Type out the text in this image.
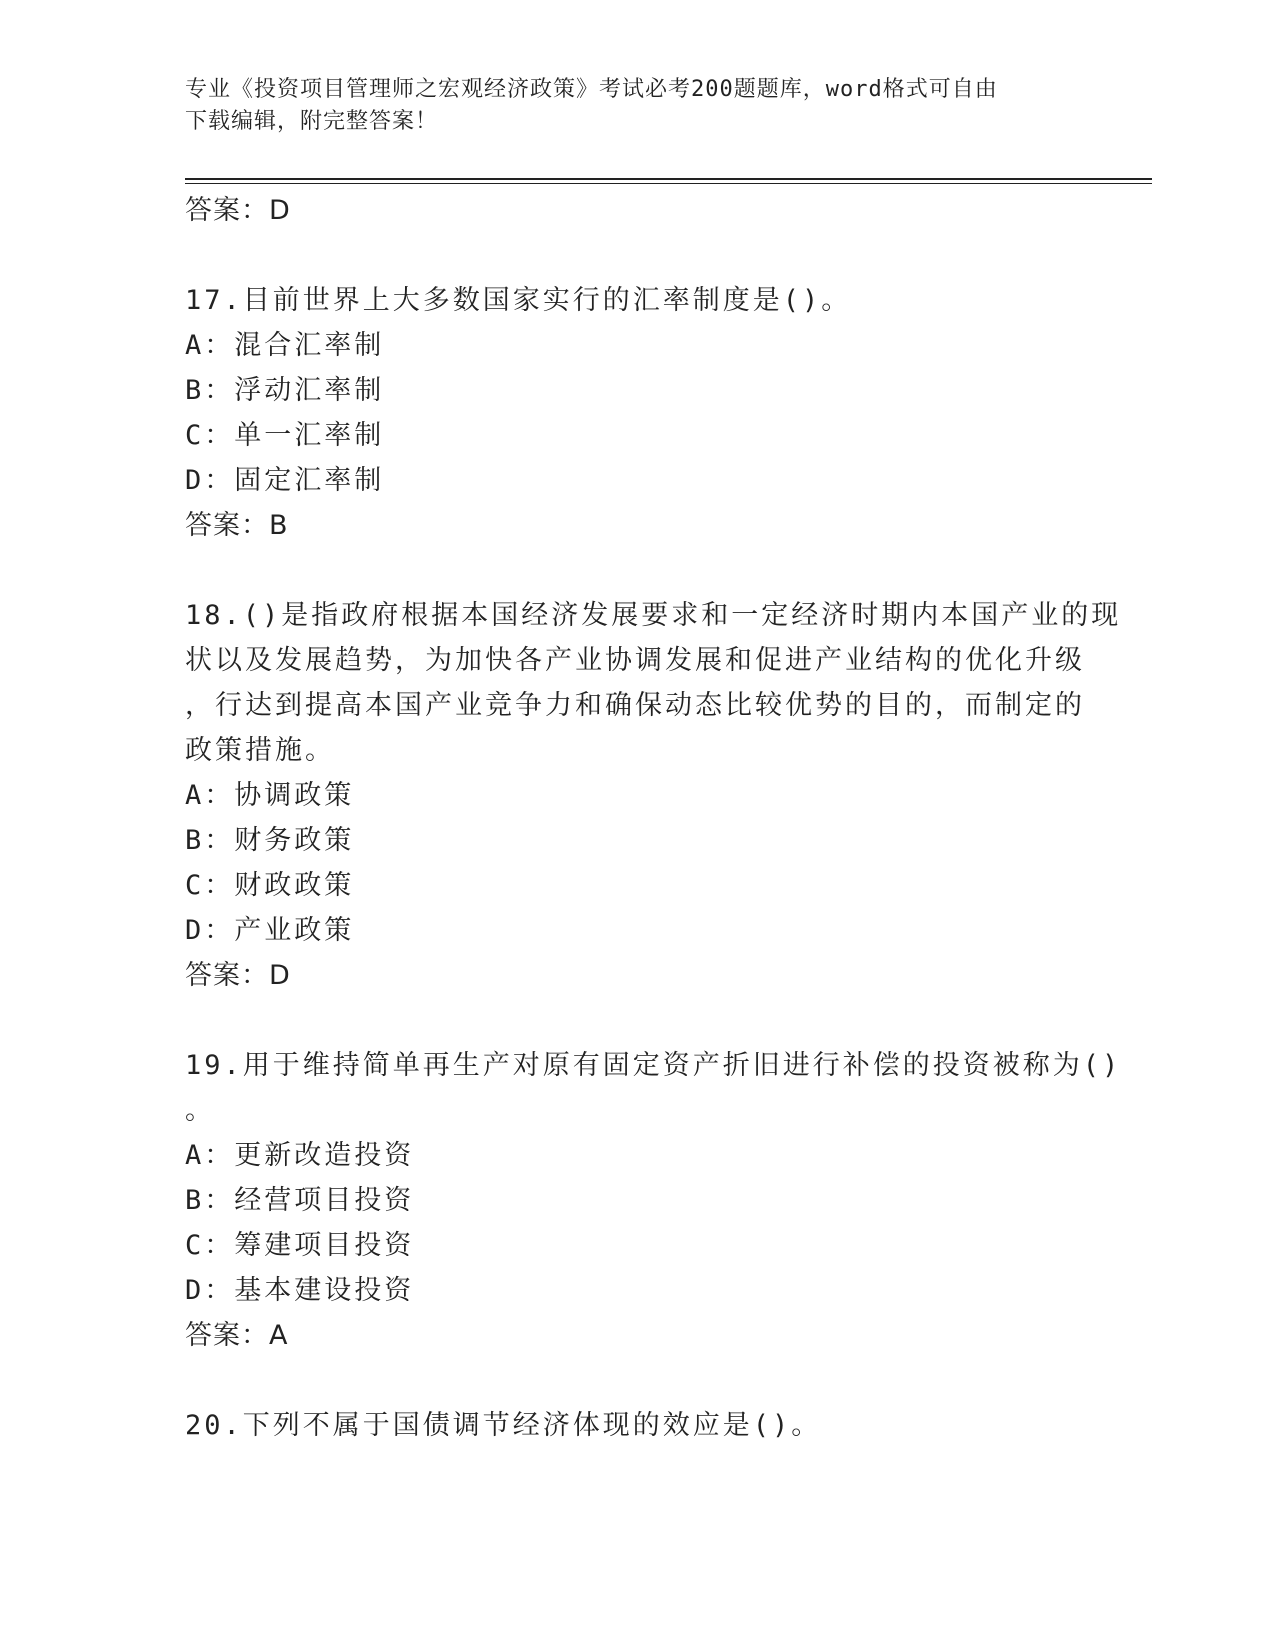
专业《投资项目管理师之宏观经济政策》考试必考200题题库，word格式可自由
下载编辑，附完整答案！
答案：D
17.目前世界上大多数国家实行的汇率制度是()。
A：混合汇率制
B：浮动汇率制
C：单一汇率制
D：固定汇率制
答案：B
18.()是指政府根据本国经济发展要求和一定经济时期内本国产业的现
状以及发展趋势，为加快各产业协调发展和促进产业结构的优化升级
，行达到提高本国产业竞争力和确保动态比较优势的目的，而制定的
政策措施。
A：协调政策
B：财务政策
C：财政政策
D：产业政策
答案：D
19.用于维持简单再生产对原有固定资产折旧进行补偿的投资被称为()
。
A：更新改造投资
B：经营项目投资
C：筹建项目投资
D：基本建设投资
答案：A
20.下列不属于国债调节经济体现的效应是()。
